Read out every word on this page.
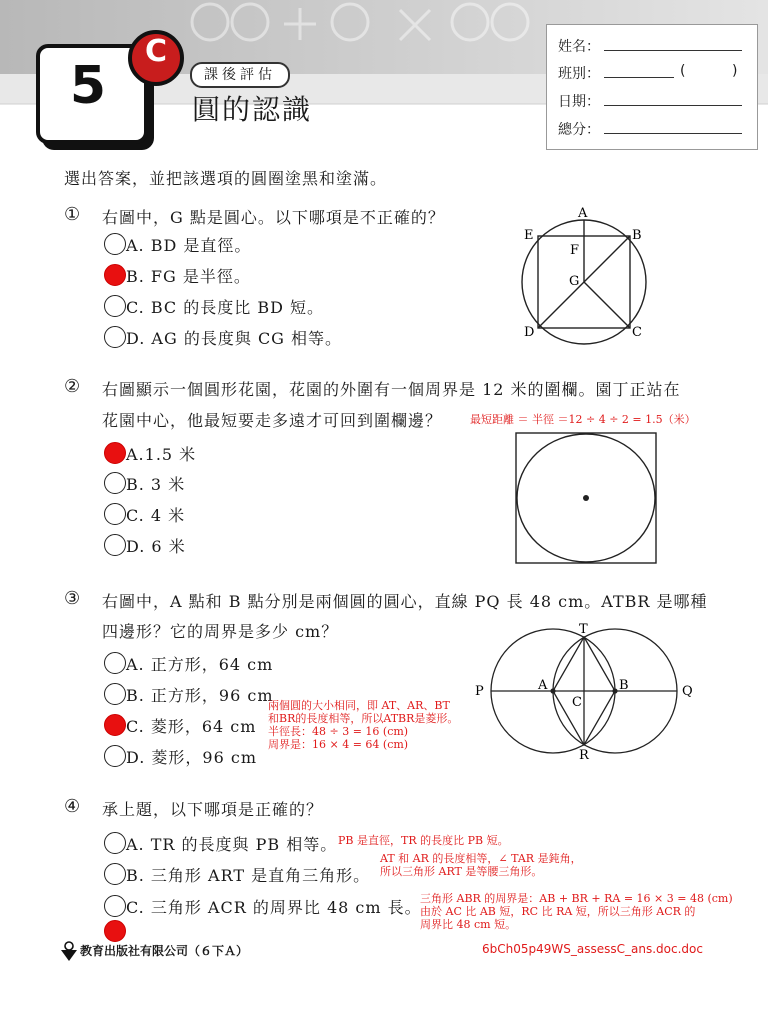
5
C
課後評估
圓的認識
姓名：
班別：	(	)
日期：
總分：
選出答案，並把該選項的圓圈塗黑和塗滿。
① 右圖中，G 點是圓心。以下哪項是不正確的？
A. BD 是直徑。
B. FG 是半徑。
C. BC 的長度比 BD 短。
D. AG 的長度與 CG 相等。
A
B
C
D
E
F
G
② 右圖顯示一個圓形花園，花園的外圍有一個周界是 12 米的圍欄。園丁正站在
花園中心，他最短要走多遠才可回到圍欄邊？	最短距離 ＝ 半徑 ＝12 ÷ 4 ÷ 2 = 1.5（米）
A.1.5 米
B. 3 米
C. 4 米
D. 6 米
③ 右圖中，A 點和 B 點分別是兩個圓的圓心，直線 PQ 長 48 cm。ATBR 是哪種
四邊形？它的周界是多少 cm？
A. 正方形，64 cm
B. 正方形，96 cm
C. 菱形，64 cm
D. 菱形，96 cm
兩個圓的大小相同，即 AT、AR、BT
和BR的長度相等，所以ATBR是菱形。
半徑長：48 ÷ 3 = 16 (cm)
周界是：16 × 4 = 64 (cm)
T
P	A	B	Q
C
R
④ 承上題，以下哪項是正確的？
A. TR 的長度與 PB 相等。 PB 是直徑，TR 的長度比 PB 短。
B. 三角形 ART 是直角三角形。
AT 和 AR 的長度相等，∠ TAR 是鈍角，
所以三角形 ART 是等腰三角形。
C. 三角形 ACR 的周界比 48 cm 長。
三角形 ABR 的周界是：AB + BR + RA = 16 × 3 = 48 (cm)
由於 AC 比 AB 短，RC 比 RA 短，所以三角形 ACR 的
周界比 48 cm 短。
教育出版社有限公司（６下Ａ）	6bCh05p49WS_assessC_ans.doc.doc
